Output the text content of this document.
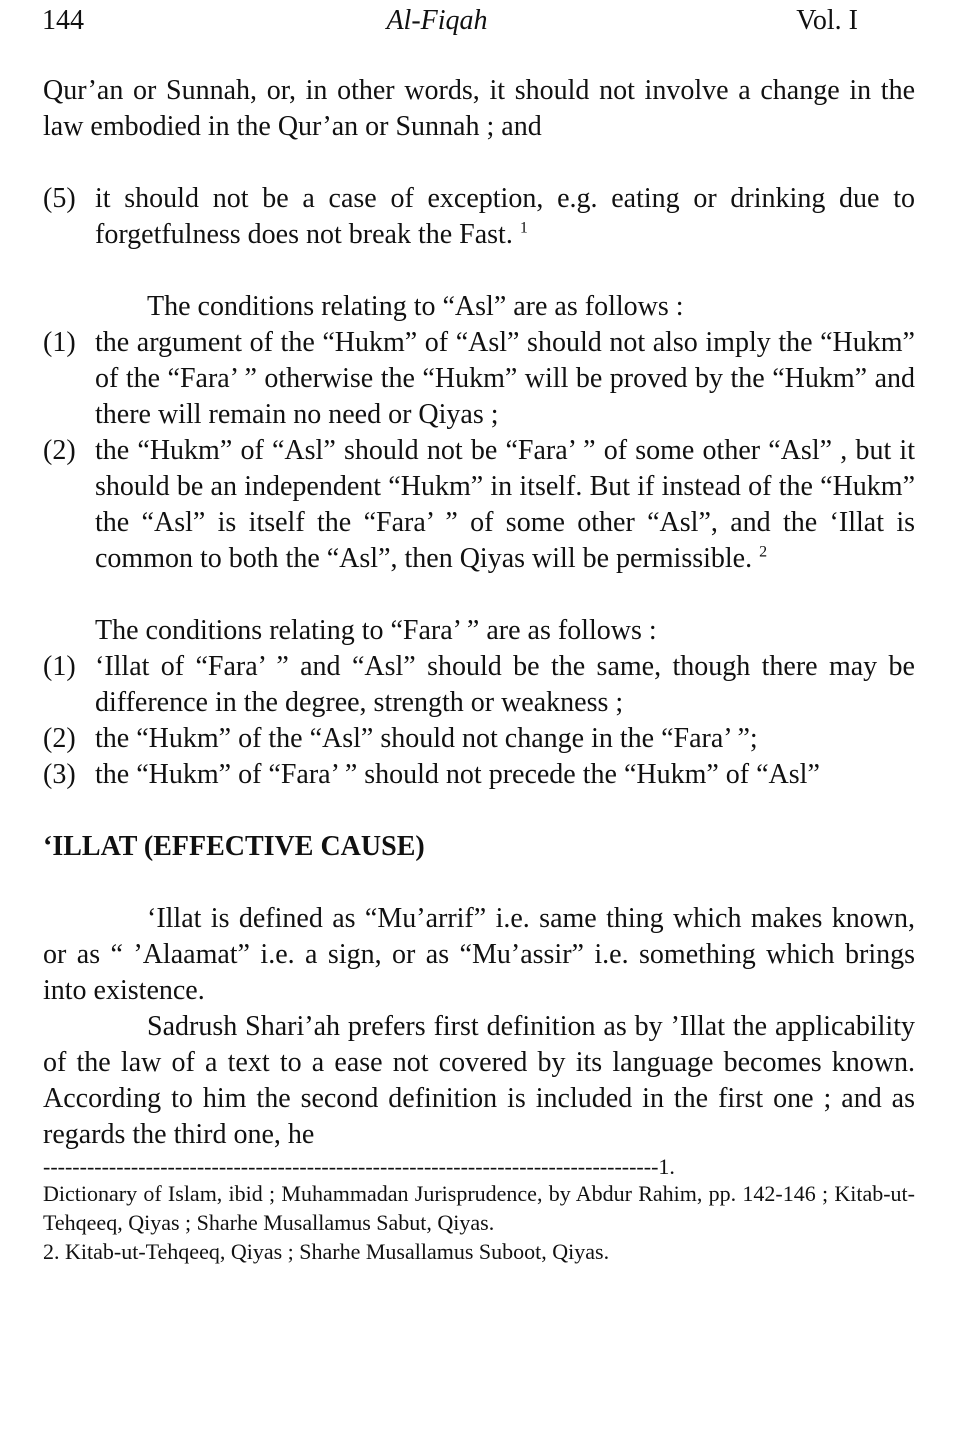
144	Al-Fiqah	Vol. I

Qur’an or Sunnah, or, in other words, it should not involve a change in the law embodied in the Qur’an or Sunnah ; and

(5) it should not be a case of exception, e.g. eating or drinking due to forgetfulness does not break the Fast. $^1$

The conditions relating to “Asl” are as follows :

(1) the argument of the “Hukm” of “Asl” should not also imply the “Hukm” of the “Fara’ ” otherwise the “Hukm” will be proved by the “Hukm” and there will remain no need or Qiyas ;
(2) the “Hukm” of “Asl” should not be “Fara’ ” of some other “Asl” , but it should be an independent “Hukm” in itself. But if instead of the “Hukm” the “Asl” is itself the “Fara’ ” of some other “Asl”, and the ‘Illat is common to both the “Asl”, then Qiyas will be permissible. $^2$

The conditions relating to “Fara’ ” are as follows :

(1) ‘Illat of “Fara’ ” and “Asl” should be the same, though there may be difference in the degree, strength or weakness ;
(2) the “Hukm” of the “Asl” should not change in the “Fara’ ”;
(3) the “Hukm” of “Fara’ ” should not precede the “Hukm” of “Asl”

‘ILLAT (EFFECTIVE CAUSE)

‘Illat is defined as “Mu’arrif” i.e. same thing which makes known, or as “ ’Alaamat” i.e. a sign, or as “Mu’assir” i.e. something which brings into existence.

Sadrush Shari’ah prefers first definition as by ’Illat the applicability of the law of a text to a ease not covered by its language becomes known. According to him the second definition is included in the first one ; and as regards the third one, he

------------------------------------------------------------------------------------1.

Dictionary of Islam, ibid ; Muhammadan Jurisprudence, by Abdur Rahim, pp. 142-146 ; Kitab-ut-Tehqeeq, Qiyas ; Sharhe Musallamus Sabut, Qiyas.

2. Kitab-ut-Tehqeeq, Qiyas ; Sharhe Musallamus Suboot, Qiyas.
